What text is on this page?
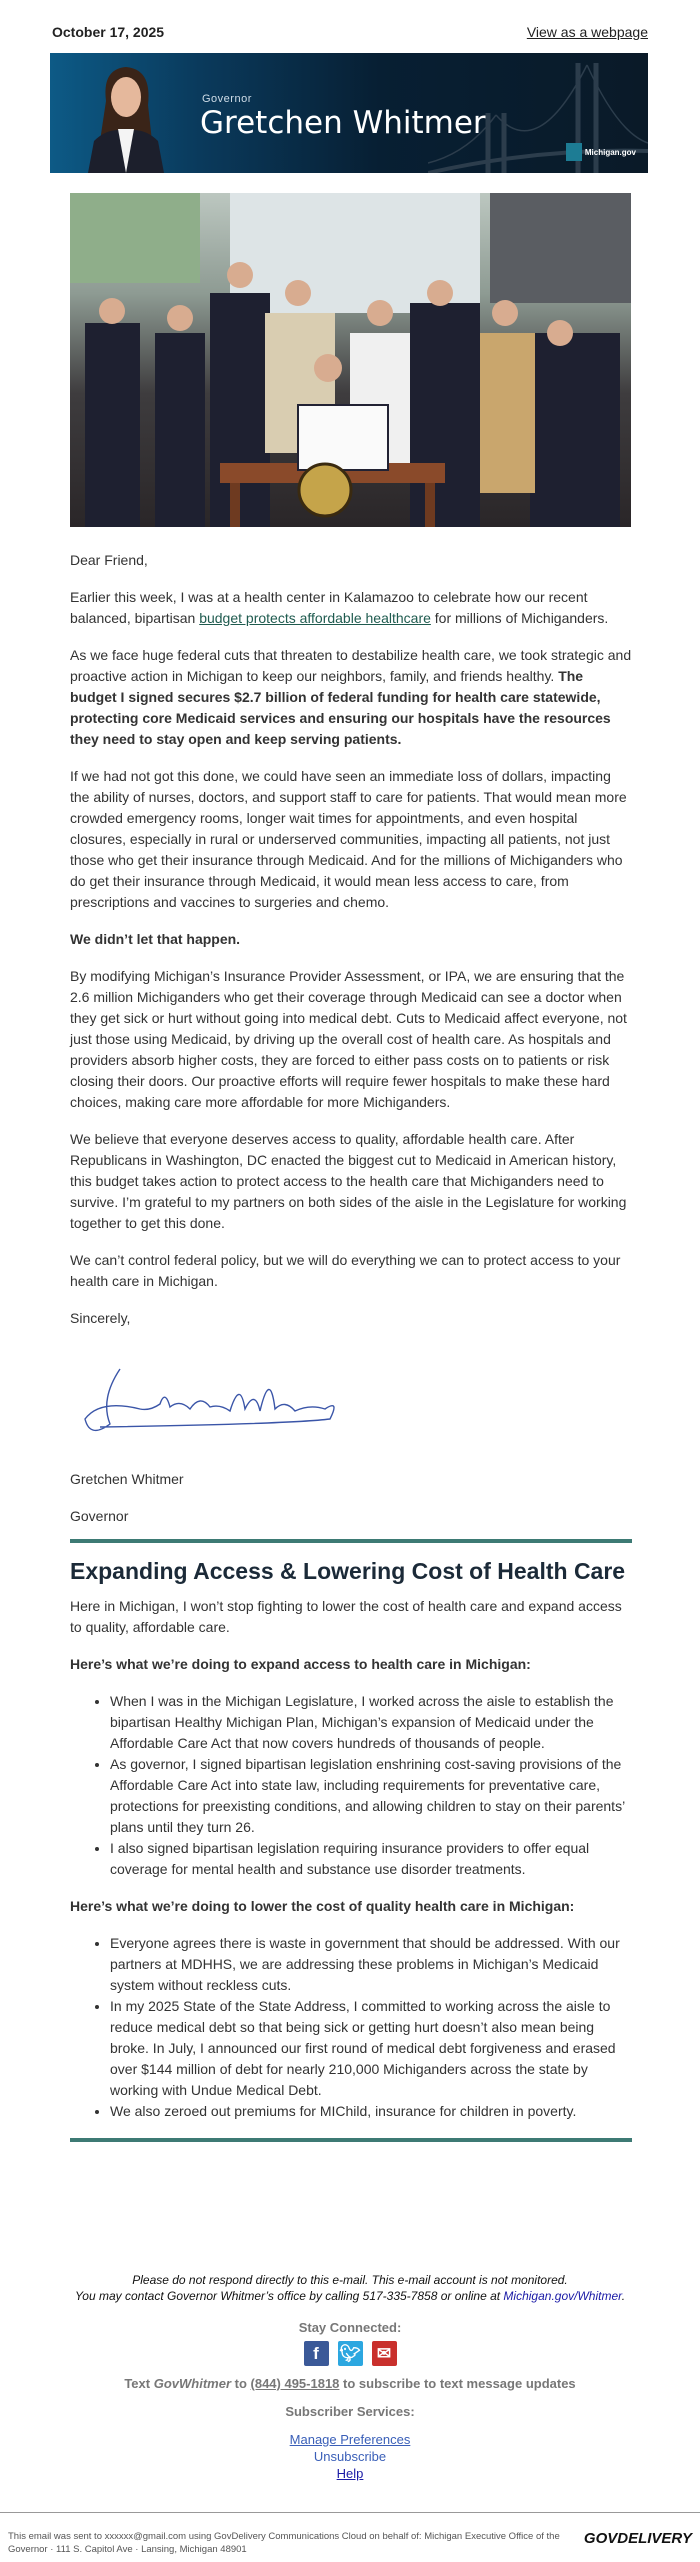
October 17, 2025	View as a webpage
Governor
Gretchen Whitmer
Michigan.gov

Dear Friend,

Earlier this week, I was at a health center in Kalamazoo to celebrate how our recent balanced, bipartisan budget protects affordable healthcare for millions of Michiganders.

As we face huge federal cuts that threaten to destabilize health care, we took strategic and proactive action in Michigan to keep our neighbors, family, and friends healthy. The budget I signed secures $2.7 billion of federal funding for health care statewide, protecting core Medicaid services and ensuring our hospitals have the resources they need to stay open and keep serving patients.

If we had not got this done, we could have seen an immediate loss of dollars, impacting the ability of nurses, doctors, and support staff to care for patients. That would mean more crowded emergency rooms, longer wait times for appointments, and even hospital closures, especially in rural or underserved communities, impacting all patients, not just those who get their insurance through Medicaid. And for the millions of Michiganders who do get their insurance through Medicaid, it would mean less access to care, from prescriptions and vaccines to surgeries and chemo.

We didn’t let that happen.

By modifying Michigan’s Insurance Provider Assessment, or IPA, we are ensuring that the 2.6 million Michiganders who get their coverage through Medicaid can see a doctor when they get sick or hurt without going into medical debt. Cuts to Medicaid affect everyone, not just those using Medicaid, by driving up the overall cost of health care. As hospitals and providers absorb higher costs, they are forced to either pass costs on to patients or risk closing their doors. Our proactive efforts will require fewer hospitals to make these hard choices, making care more affordable for more Michiganders.

We believe that everyone deserves access to quality, affordable health care. After Republicans in Washington, DC enacted the biggest cut to Medicaid in American history, this budget takes action to protect access to the health care that Michiganders need to survive. I’m grateful to my partners on both sides of the aisle in the Legislature for working together to get this done.

We can’t control federal policy, but we will do everything we can to protect access to your health care in Michigan.

Sincerely,

Gretchen Whitmer

Governor

Expanding Access & Lowering Cost of Health Care

Here in Michigan, I won’t stop fighting to lower the cost of health care and expand access to quality, affordable care.

Here’s what we’re doing to expand access to health care in Michigan:

• When I was in the Michigan Legislature, I worked across the aisle to establish the bipartisan Healthy Michigan Plan, Michigan’s expansion of Medicaid under the Affordable Care Act that now covers hundreds of thousands of people.
• As governor, I signed bipartisan legislation enshrining cost-saving provisions of the Affordable Care Act into state law, including requirements for preventative care, protections for preexisting conditions, and allowing children to stay on their parents’ plans until they turn 26.
• I also signed bipartisan legislation requiring insurance providers to offer equal coverage for mental health and substance use disorder treatments.

Here’s what we’re doing to lower the cost of quality health care in Michigan:

• Everyone agrees there is waste in government that should be addressed. With our partners at MDHHS, we are addressing these problems in Michigan’s Medicaid system without reckless cuts.
• In my 2025 State of the State Address, I committed to working across the aisle to reduce medical debt so that being sick or getting hurt doesn’t also mean being broke. In July, I announced our first round of medical debt forgiveness and erased over $144 million of debt for nearly 210,000 Michiganders across the state by working with Undue Medical Debt.
• We also zeroed out premiums for MIChild, insurance for children in poverty.
Please do not respond directly to this e-mail. This e-mail account is not monitored.
You may contact Governor Whitmer’s office by calling 517-335-7858 or online at Michigan.gov/Whitmer.
Stay Connected:
f	🐦︎ ✉
Text GovWhitmer to (844) 495-1818 to subscribe to text message updates
Subscriber Services:
Manage Preferences
Unsubscribe
Help
This email was sent to xxxxxx@gmail.com using GovDelivery Communications Cloud on behalf of: Michigan Executive Office of the Governor · 111 S. Capitol Ave · Lansing, Michigan 48901
GOVDELIVERY
